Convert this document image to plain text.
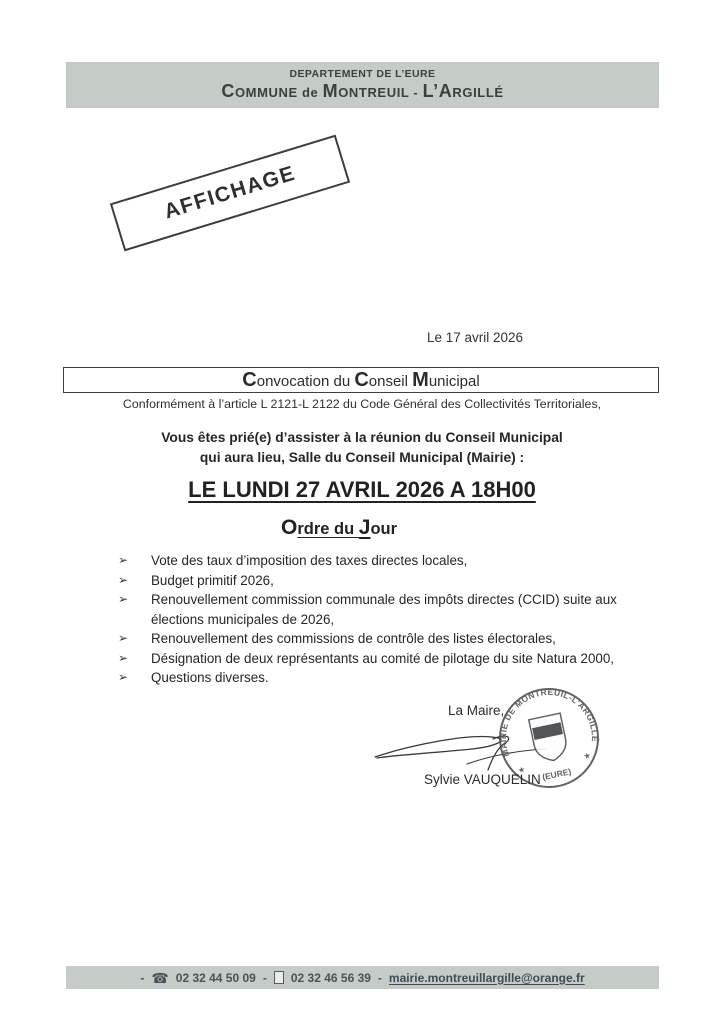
DEPARTEMENT DE L’EURE
COMMUNE de MONTREUIL - L’ARGILLÉ
AFFICHAGE
Le 17 avril 2026
Convocation du Conseil Municipal
Conformément à l’article L 2121-L 2122 du Code Général des Collectivités Territoriales,
Vous êtes prié(e) d’assister à la réunion du Conseil Municipal
qui aura lieu, Salle du Conseil Municipal (Mairie) :
LE LUNDI 27 AVRIL 2026 A 18H00
Ordre du Jour
➢ Vote des taux d’imposition des taxes directes locales,
➢ Budget primitif 2026,
➢ Renouvellement commission communale des impôts directes (CCID) suite aux élections municipales de 2026,
➢ Renouvellement des commissions de contrôle des listes électorales,
➢ Désignation de deux représentants au comité de pilotage du site Natura 2000,
➢ Questions diverses.
La Maire,
MAIRIE DE MONTREUIL-L’ARGILLÉ
★
★
(EURE)
Sylvie VAUQUELIN
- ☎ 02 32 44 50 09 - 02 32 46 56 39 - mairie.montreuillargille@orange.fr
